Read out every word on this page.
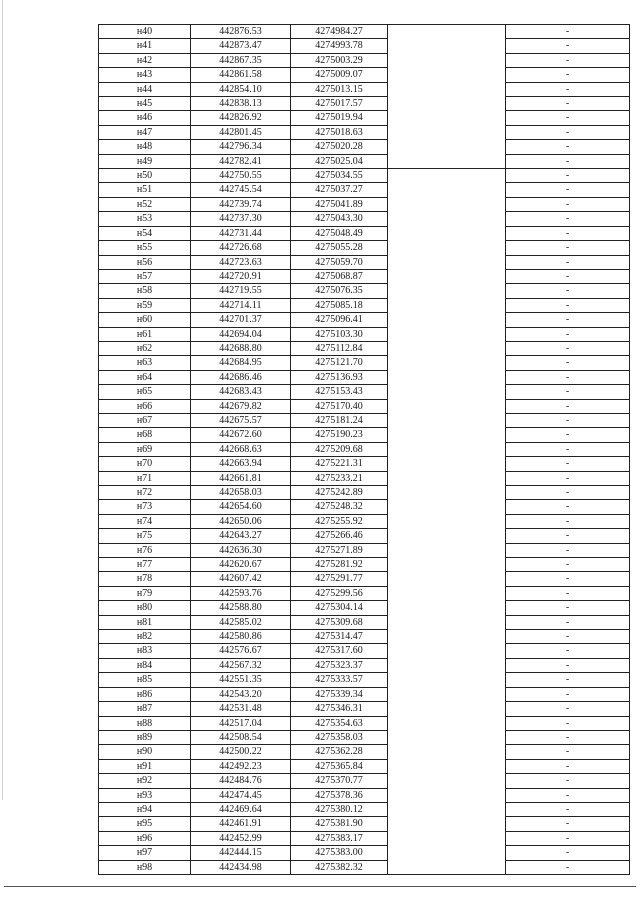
н40	442876.53	4274984.27		-
н41	442873.47	4274993.78		-
н42	442867.35	4275003.29		-
н43	442861.58	4275009.07		-
н44	442854.10	4275013.15		-
н45	442838.13	4275017.57		-
н46	442826.92	4275019.94		-
н47	442801.45	4275018.63		-
н48	442796.34	4275020.28		-
н49	442782.41	4275025.04		-
н50	442750.55	4275034.55		-
н51	442745.54	4275037.27		-
н52	442739.74	4275041.89		-
н53	442737.30	4275043.30		-
н54	442731.44	4275048.49		-
н55	442726.68	4275055.28		-
н56	442723.63	4275059.70		-
н57	442720.91	4275068.87		-
н58	442719.55	4275076.35		-
н59	442714.11	4275085.18		-
н60	442701.37	4275096.41		-
н61	442694.04	4275103.30		-
н62	442688.80	4275112.84		-
н63	442684.95	4275121.70		-
н64	442686.46	4275136.93		-
н65	442683.43	4275153.43		-
н66	442679.82	4275170.40		-
н67	442675.57	4275181.24		-
н68	442672.60	4275190.23		-
н69	442668.63	4275209.68		-
н70	442663.94	4275221.31		-
н71	442661.81	4275233.21		-
н72	442658.03	4275242.89		-
н73	442654.60	4275248.32		-
н74	442650.06	4275255.92		-
н75	442643.27	4275266.46		-
н76	442636.30	4275271.89		-
н77	442620.67	4275281.92		-
н78	442607.42	4275291.77		-
н79	442593.76	4275299.56		-
н80	442588.80	4275304.14		-
н81	442585.02	4275309.68		-
н82	442580.86	4275314.47		-
н83	442576.67	4275317.60		-
н84	442567.32	4275323.37		-
н85	442551.35	4275333.57		-
н86	442543.20	4275339.34		-
н87	442531.48	4275346.31		-
н88	442517.04	4275354.63		-
н89	442508.54	4275358.03		-
н90	442500.22	4275362.28		-
н91	442492.23	4275365.84		-
н92	442484.76	4275370.77		-
н93	442474.45	4275378.36		-
н94	442469.64	4275380.12		-
н95	442461.91	4275381.90		-
н96	442452.99	4275383.17		-
н97	442444.15	4275383.00		-
н98	442434.98	4275382.32		-
